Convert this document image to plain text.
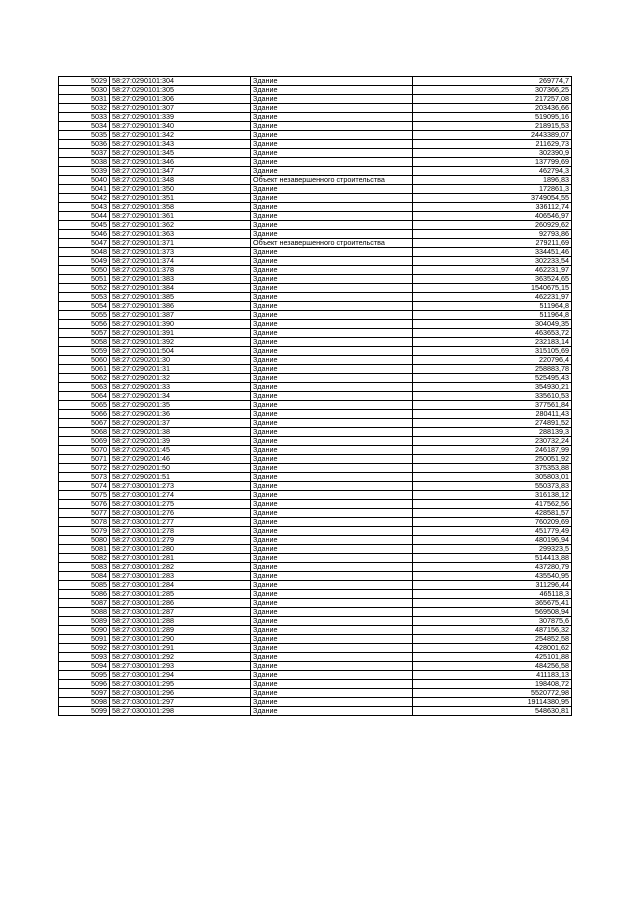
5029	58:27:0290101:304	Здание	269774,7
5030	58:27:0290101:305	Здание	307366,25
5031	58:27:0290101:306	Здание	217257,08
5032	58:27:0290101:307	Здание	203436,66
5033	58:27:0290101:339	Здание	519095,16
5034	58:27:0290101:340	Здание	218915,53
5035	58:27:0290101:342	Здание	2443389,07
5036	58:27:0290101:343	Здание	211629,73
5037	58:27:0290101:345	Здание	302390,9
5038	58:27:0290101:346	Здание	137799,69
5039	58:27:0290101:347	Здание	462794,3
5040	58:27:0290101:348	Объект незавершенного строительства	1896,83
5041	58:27:0290101:350	Здание	172861,3
5042	58:27:0290101:351	Здание	3749054,55
5043	58:27:0290101:358	Здание	336112,74
5044	58:27:0290101:361	Здание	406546,97
5045	58:27:0290101:362	Здание	260929,62
5046	58:27:0290101:363	Здание	92793,86
5047	58:27:0290101:371	Объект незавершенного строительства	279211,69
5048	58:27:0290101:373	Здание	334451,46
5049	58:27:0290101:374	Здание	302233,54
5050	58:27:0290101:378	Здание	462231,97
5051	58:27:0290101:383	Здание	363524,65
5052	58:27:0290101:384	Здание	1540675,15
5053	58:27:0290101:385	Здание	462231,97
5054	58:27:0290101:386	Здание	511964,8
5055	58:27:0290101:387	Здание	511964,8
5056	58:27:0290101:390	Здание	304049,35
5057	58:27:0290101:391	Здание	463653,72
5058	58:27:0290101:392	Здание	232183,14
5059	58:27:0290101:504	Здание	315105,69
5060	58:27:0290201:30	Здание	220796,4
5061	58:27:0290201:31	Здание	258883,78
5062	58:27:0290201:32	Здание	525495,43
5063	58:27:0290201:33	Здание	354930,21
5064	58:27:0290201:34	Здание	335610,53
5065	58:27:0290201:35	Здание	377561,84
5066	58:27:0290201:36	Здание	280411,43
5067	58:27:0290201:37	Здание	274891,52
5068	58:27:0290201:38	Здание	288139,3
5069	58:27:0290201:39	Здание	230732,24
5070	58:27:0290201:45	Здание	246187,99
5071	58:27:0290201:46	Здание	250051,92
5072	58:27:0290201:50	Здание	375353,88
5073	58:27:0290201:51	Здание	305803,01
5074	58:27:0300101:273	Здание	550373,83
5075	58:27:0300101:274	Здание	316138,12
5076	58:27:0300101:275	Здание	417562,56
5077	58:27:0300101:276	Здание	428581,57
5078	58:27:0300101:277	Здание	760209,69
5079	58:27:0300101:278	Здание	451779,49
5080	58:27:0300101:279	Здание	480196,94
5081	58:27:0300101:280	Здание	299323,5
5082	58:27:0300101:281	Здание	514413,88
5083	58:27:0300101:282	Здание	437280,79
5084	58:27:0300101:283	Здание	435540,95
5085	58:27:0300101:284	Здание	311296,44
5086	58:27:0300101:285	Здание	465118,3
5087	58:27:0300101:286	Здание	365675,41
5088	58:27:0300101:287	Здание	569508,94
5089	58:27:0300101:288	Здание	307875,6
5090	58:27:0300101:289	Здание	487156,32
5091	58:27:0300101:290	Здание	254852,58
5092	58:27:0300101:291	Здание	428001,62
5093	58:27:0300101:292	Здание	425101,88
5094	58:27:0300101:293	Здание	484256,58
5095	58:27:0300101:294	Здание	411183,13
5096	58:27:0300101:295	Здание	198408,72
5097	58:27:0300101:296	Здание	5520772,98
5098	58:27:0300101:297	Здание	19114380,95
5099	58:27:0300101:298	Здание	548630,81
